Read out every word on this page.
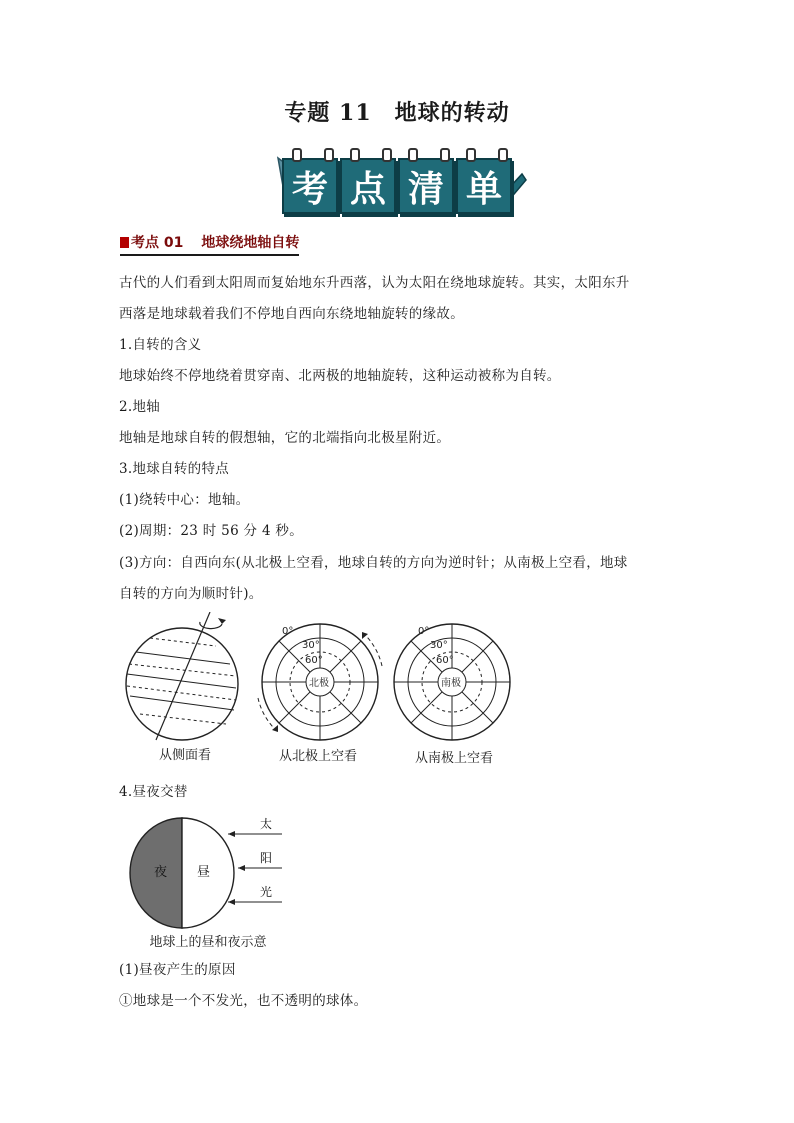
专题 11　地球的转动
考 点 清 单
考点 01 地球绕地轴自转
古代的人们看到太阳周而复始地东升西落，认为太阳在绕地球旋转。其实，太阳东升
西落是地球载着我们不停地自西向东绕地轴旋转的缘故。
1.自转的含义
地球始终不停地绕着贯穿南、北两极的地轴旋转，这种运动被称为自转。
2.地轴
地轴是地球自转的假想轴，它的北端指向北极星附近。
3.地球自转的特点
(1)绕转中心：地轴。
(2)周期：23 时 56 分 4 秒。
(3)方向：自西向东(从北极上空看，地球自转的方向为逆时针；从南极上空看，地球
自转的方向为顺时针)。
0°
30°
60°
北极
0°
30°
60°
南极
从侧面看	从北极上空看	从南极上空看
4.昼夜交替
夜 昼
太
阳
光
地球上的昼和夜示意
(1)昼夜产生的原因
①地球是一个不发光，也不透明的球体。
